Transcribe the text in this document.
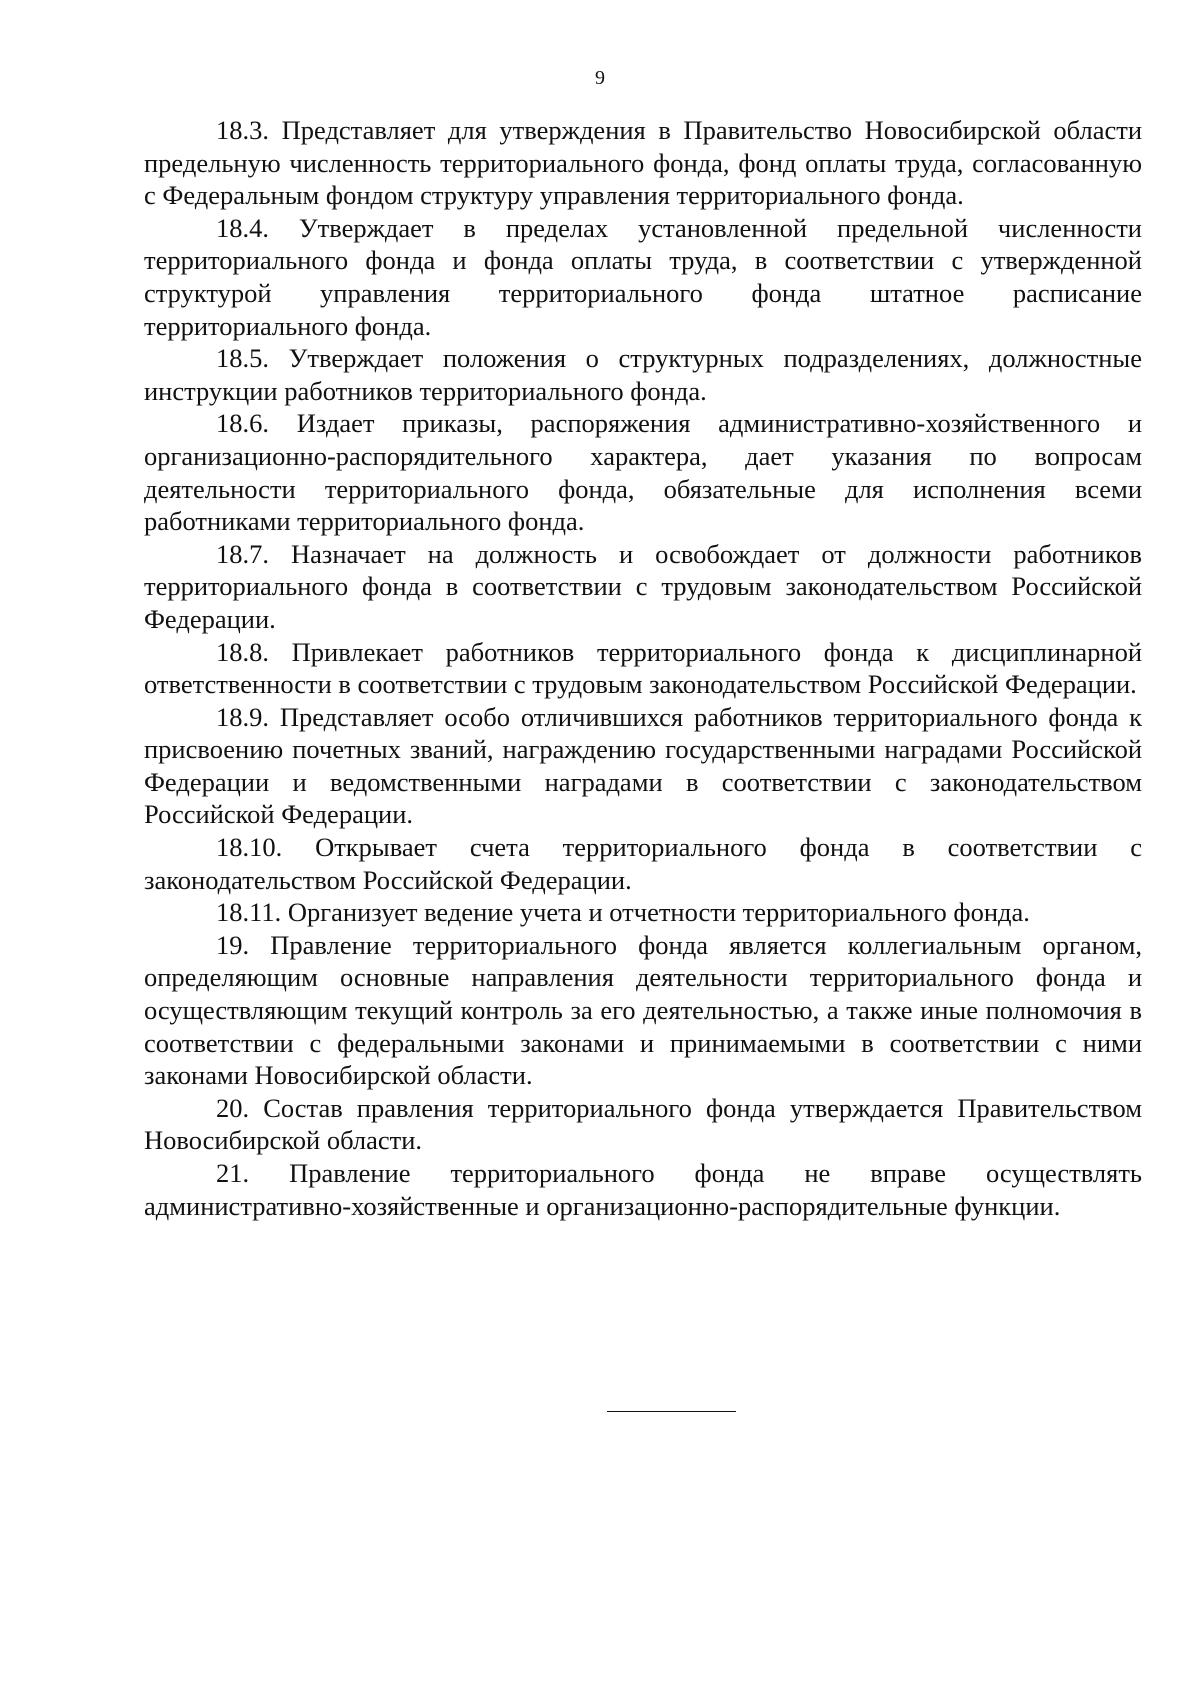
9

18.3. Представляет для утверждения в Правительство Новосибирской области предельную численность территориального фонда, фонд оплаты труда, согласованную с Федеральным фондом структуру управления территориального фонда.

18.4. Утверждает в пределах установленной предельной численности территориального фонда и фонда оплаты труда, в соответствии с утвержденной структурой управления территориального фонда штатное расписание территориального фонда.

18.5. Утверждает положения о структурных подразделениях, должностные инструкции работников территориального фонда.

18.6. Издает приказы, распоряжения административно-хозяйственного и организационно-распорядительного характера, дает указания по вопросам деятельности территориального фонда, обязательные для исполнения всеми работниками территориального фонда.

18.7. Назначает на должность и освобождает от должности работников территориального фонда в соответствии с трудовым законодательством Российской Федерации.

18.8. Привлекает работников территориального фонда к дисциплинарной ответственности в соответствии с трудовым законодательством Российской Федерации.

18.9. Представляет особо отличившихся работников территориального фонда к присвоению почетных званий, награждению государственными наградами Российской Федерации и ведомственными наградами в соответствии с законодательством Российской Федерации.

18.10. Открывает счета территориального фонда в соответствии с законодательством Российской Федерации.

18.11. Организует ведение учета и отчетности территориального фонда.

19. Правление территориального фонда является коллегиальным органом, определяющим основные направления деятельности территориального фонда и осуществляющим текущий контроль за его деятельностью, а также иные полномочия в соответствии с федеральными законами и принимаемыми в соответствии с ними законами Новосибирской области.

20. Состав правления территориального фонда утверждается Правительством Новосибирской области.

21. Правление территориального фонда не вправе осуществлять административно-хозяйственные и организационно-распорядительные функции.
